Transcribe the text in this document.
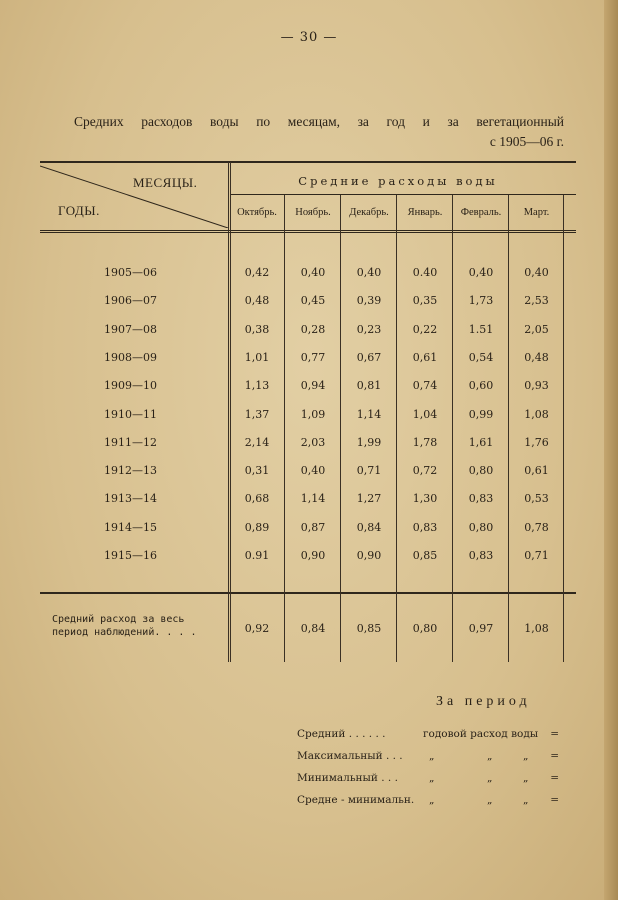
— 30 —
Средних расходов воды по месяцам, за год и за вегетационный
с 1905—06 г.
МЕСЯЦЫ.
ГОДЫ.
Средние расходы воды
Октябрь.	Ноябрь.	Декабрь.	Январь.	Февраль.	Март.
1905—06	0,42	0,40	0,40	0.40	0,40	0,40
1906—07	0,48	0,45	0,39	0,35	1,73	2,53
1907—08	0,38	0,28	0,23	0,22	1.51	2,05
1908—09	1,01	0,77	0,67	0,61	0,54	0,48
1909—10	1,13	0,94	0,81	0,74	0,60	0,93
1910—11	1,37	1,09	1,14	1,04	0,99	1,08
1911—12	2,14	2,03	1,99	1,78	1,61	1,76
1912—13	0,31	0,40	0,71	0,72	0,80	0,61
1913—14	0,68	1,14	1,27	1,30	0,83	0,53
1914—15	0,89	0,87	0,84	0,83	0,80	0,78
1915—16	0.91	0,90	0,90	0,85	0,83	0,71
Средний расход за весь
период наблюдений. . . .	0,92	0,84	0,85	0,80	0,97	1,08
За период
Средний . . . . . .	годовой расход воды =
Максимальный . . .	„	„	„ =
Минимальный . . .	„	„	„ =
Средне - минимальн. „	„	„ =
